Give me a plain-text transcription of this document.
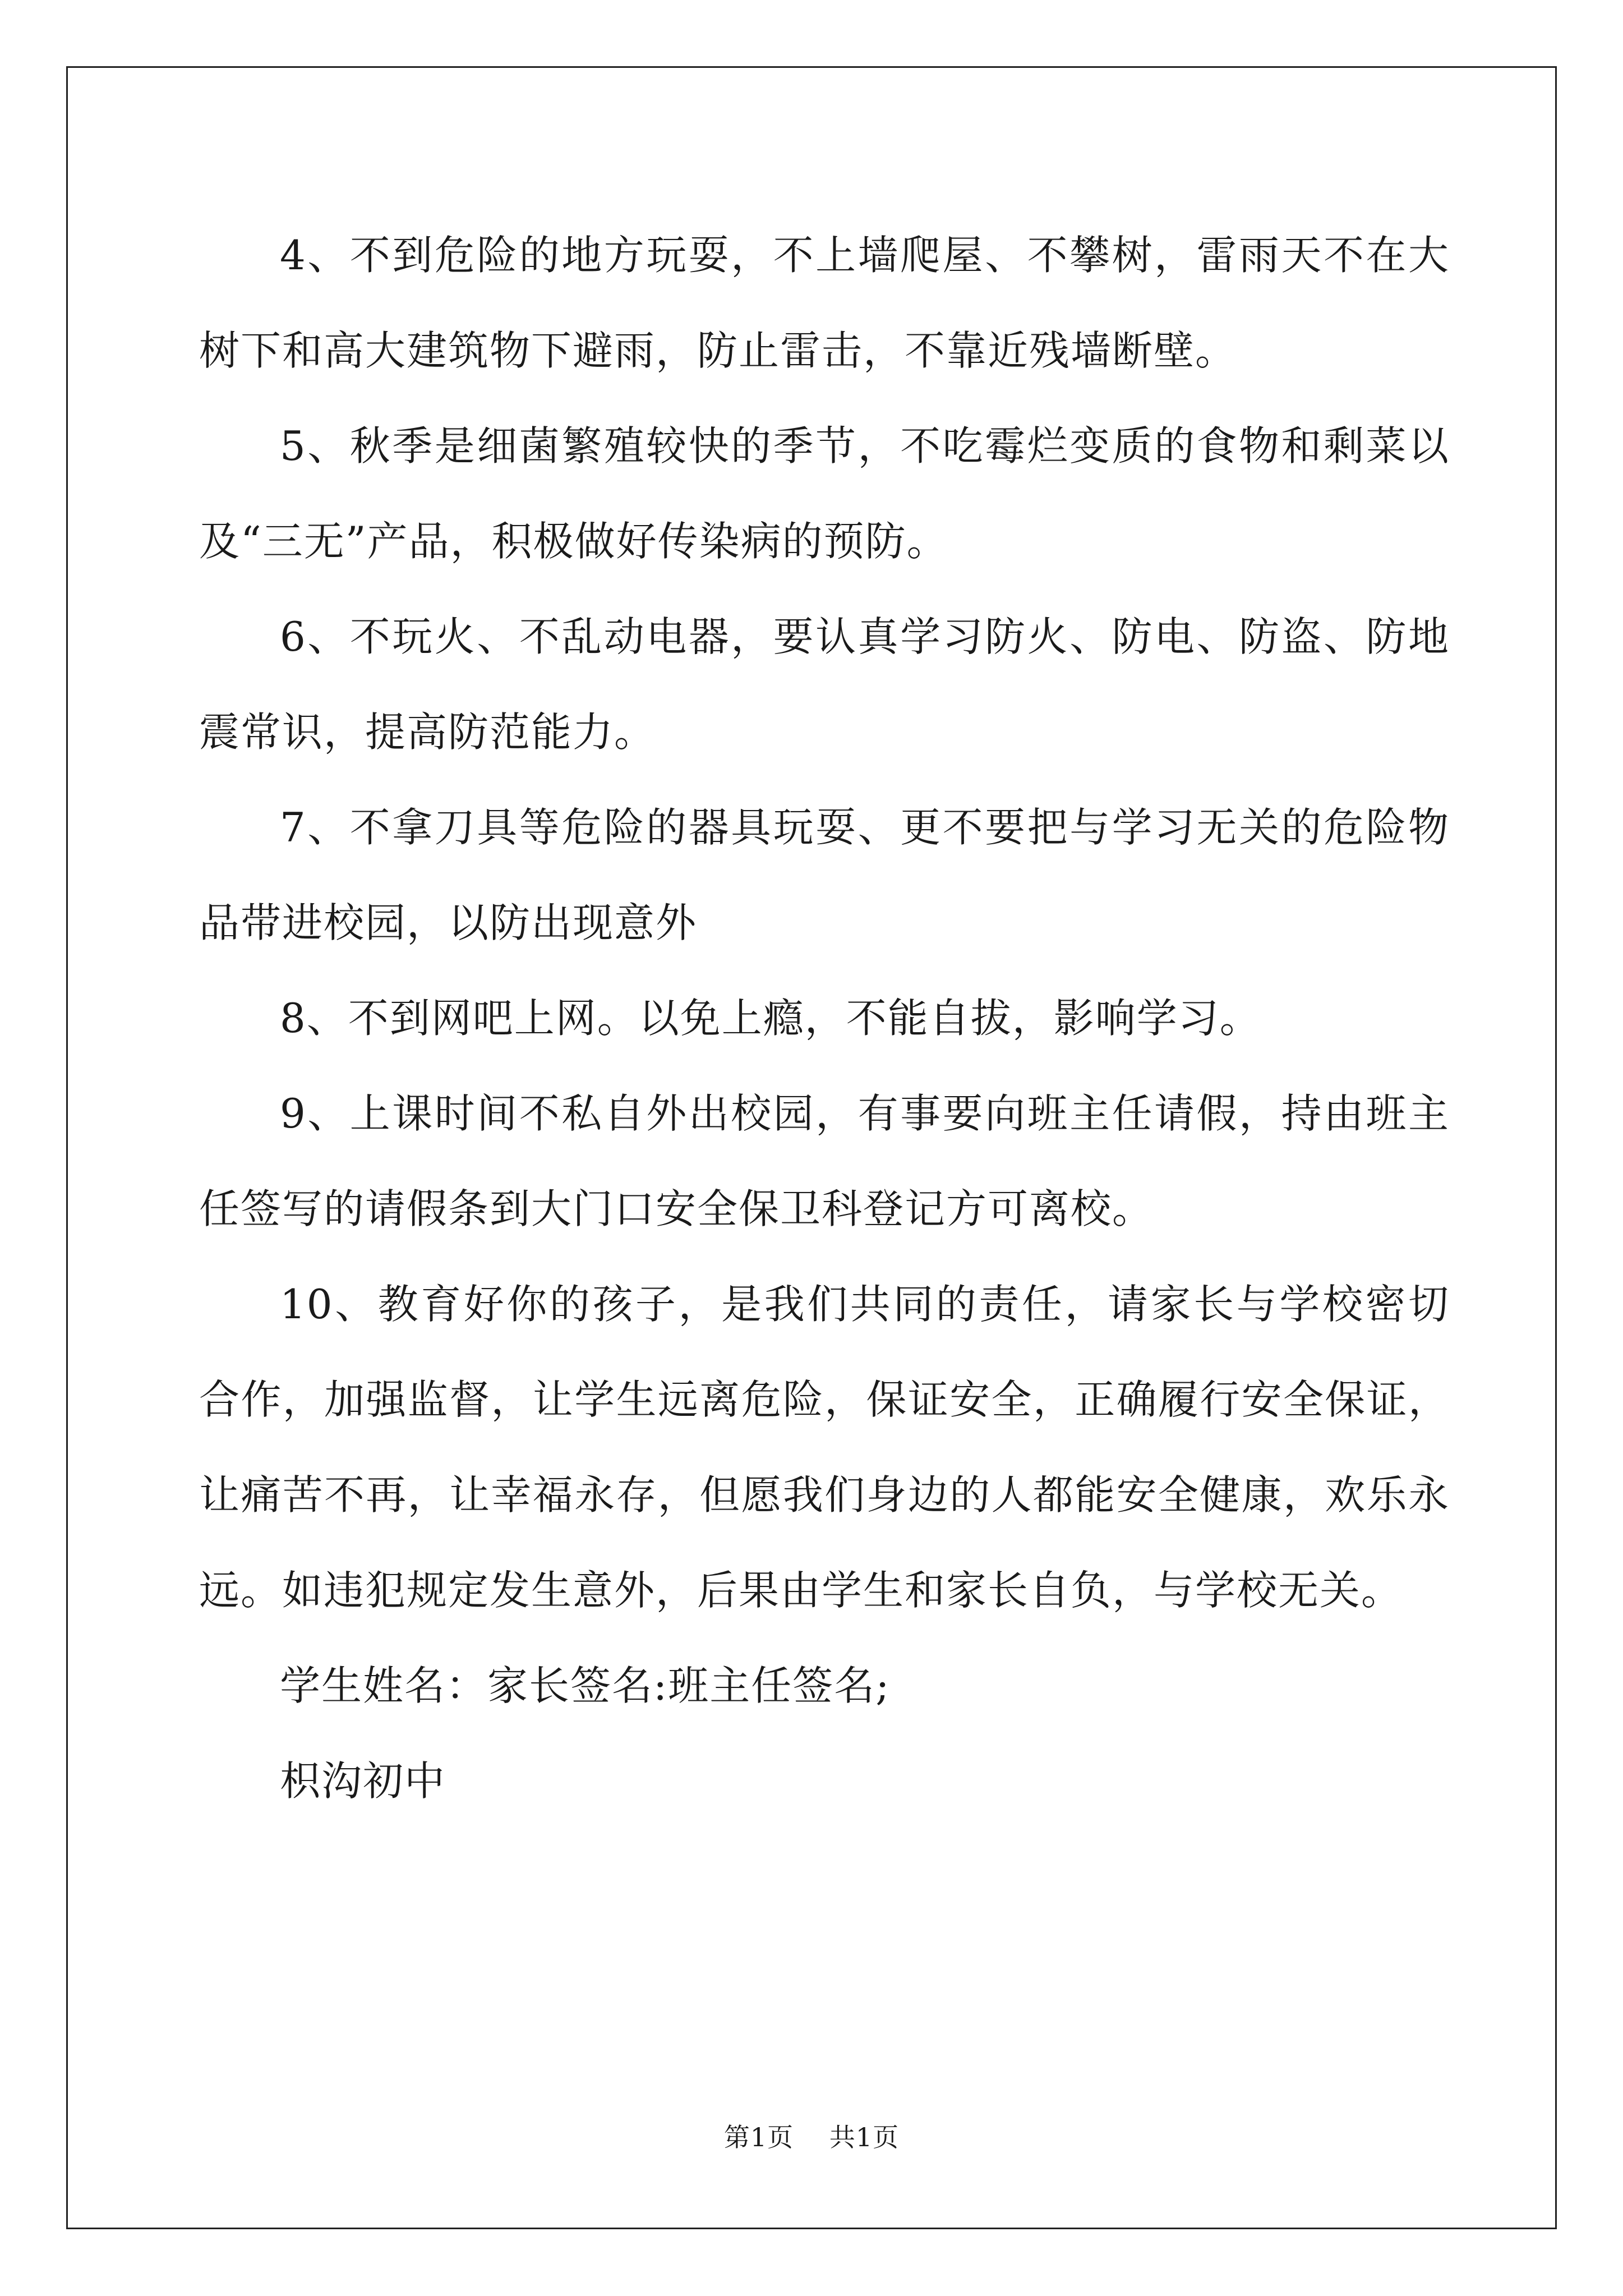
4、不到危险的地方玩耍，不上墙爬屋、不攀树，雷雨天不在大树下和高大建筑物下避雨，防止雷击，不靠近残墙断壁。

5、秋季是细菌繁殖较快的季节，不吃霉烂变质的食物和剩菜以及“三无”产品，积极做好传染病的预防。

6、不玩火、不乱动电器，要认真学习防火、防电、防盗、防地震常识，提高防范能力。

7、不拿刀具等危险的器具玩耍、更不要把与学习无关的危险物品带进校园，以防出现意外

8、不到网吧上网。以免上瘾，不能自拔，影响学习。

9、上课时间不私自外出校园，有事要向班主任请假，持由班主任签写的请假条到大门口安全保卫科登记方可离校。

10、教育好你的孩子，是我们共同的责任，请家长与学校密切合作，加强监督，让学生远离危险，保证安全，正确履行安全保证，让痛苦不再，让幸福永存，但愿我们身边的人都能安全健康，欢乐永远。如违犯规定发生意外，后果由学生和家长自负，与学校无关。

学生姓名：家长签名:班主任签名;

枳沟初中

第1页 共1页
